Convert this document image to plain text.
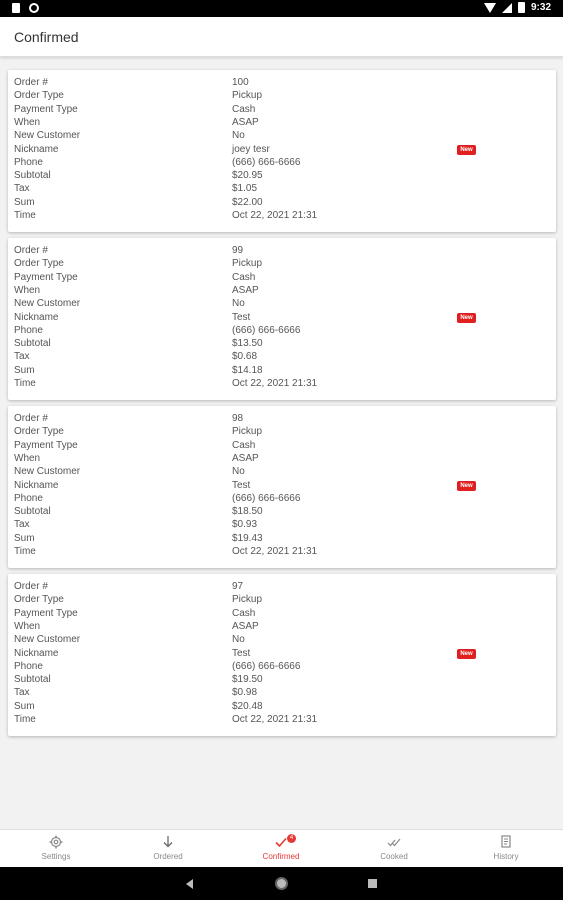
9:32
Confirmed
Order #	100
Order Type	Pickup
Payment Type	Cash
When	ASAP
New Customer	No
Nickname	joey tesr
Phone	(666) 666-6666
Subtotal	$20.95
Tax	$1.05
Sum	$22.00
Time	Oct 22, 2021 21:31
New
Order #	99
Order Type	Pickup
Payment Type	Cash
When	ASAP
New Customer	No
Nickname	Test
Phone	(666) 666-6666
Subtotal	$13.50
Tax	$0.68
Sum	$14.18
Time	Oct 22, 2021 21:31
New
Order #	98
Order Type	Pickup
Payment Type	Cash
When	ASAP
New Customer	No
Nickname	Test
Phone	(666) 666-6666
Subtotal	$18.50
Tax	$0.93
Sum	$19.43
Time	Oct 22, 2021 21:31
New
Order #	97
Order Type	Pickup
Payment Type	Cash
When	ASAP
New Customer	No
Nickname	Test
Phone	(666) 666-6666
Subtotal	$19.50
Tax	$0.98
Sum	$20.48
Time	Oct 22, 2021 21:31
New
Settings	Ordered
4
Confirmed	Cooked	History
